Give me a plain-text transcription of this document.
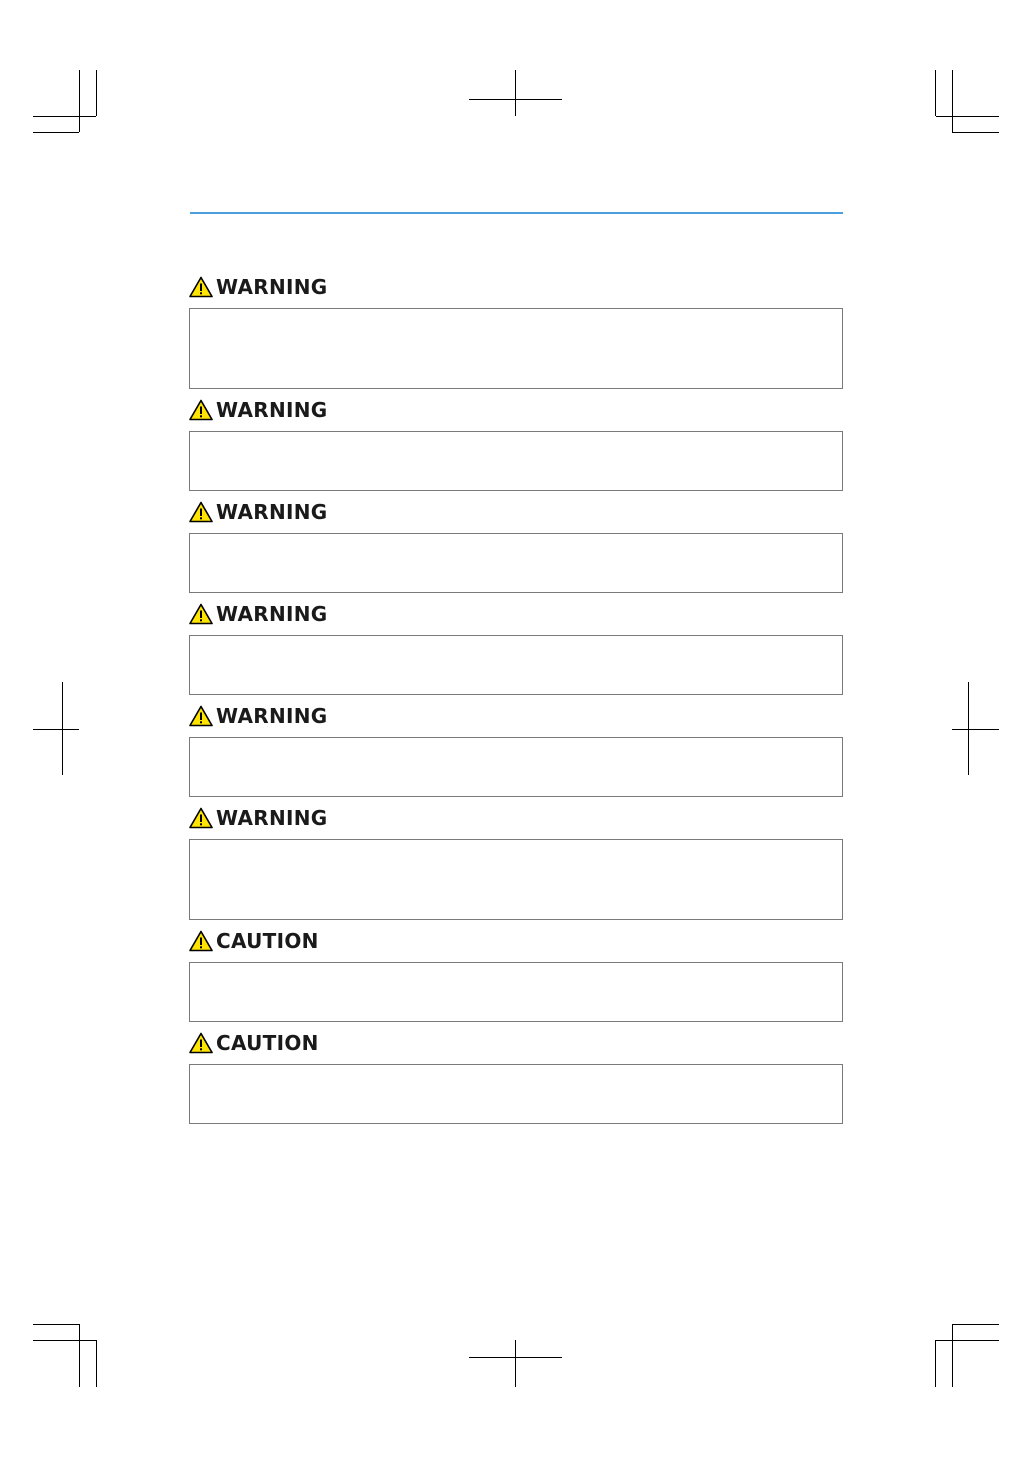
WARNING
WARNING
WARNING
WARNING
WARNING
WARNING
CAUTION
CAUTION
